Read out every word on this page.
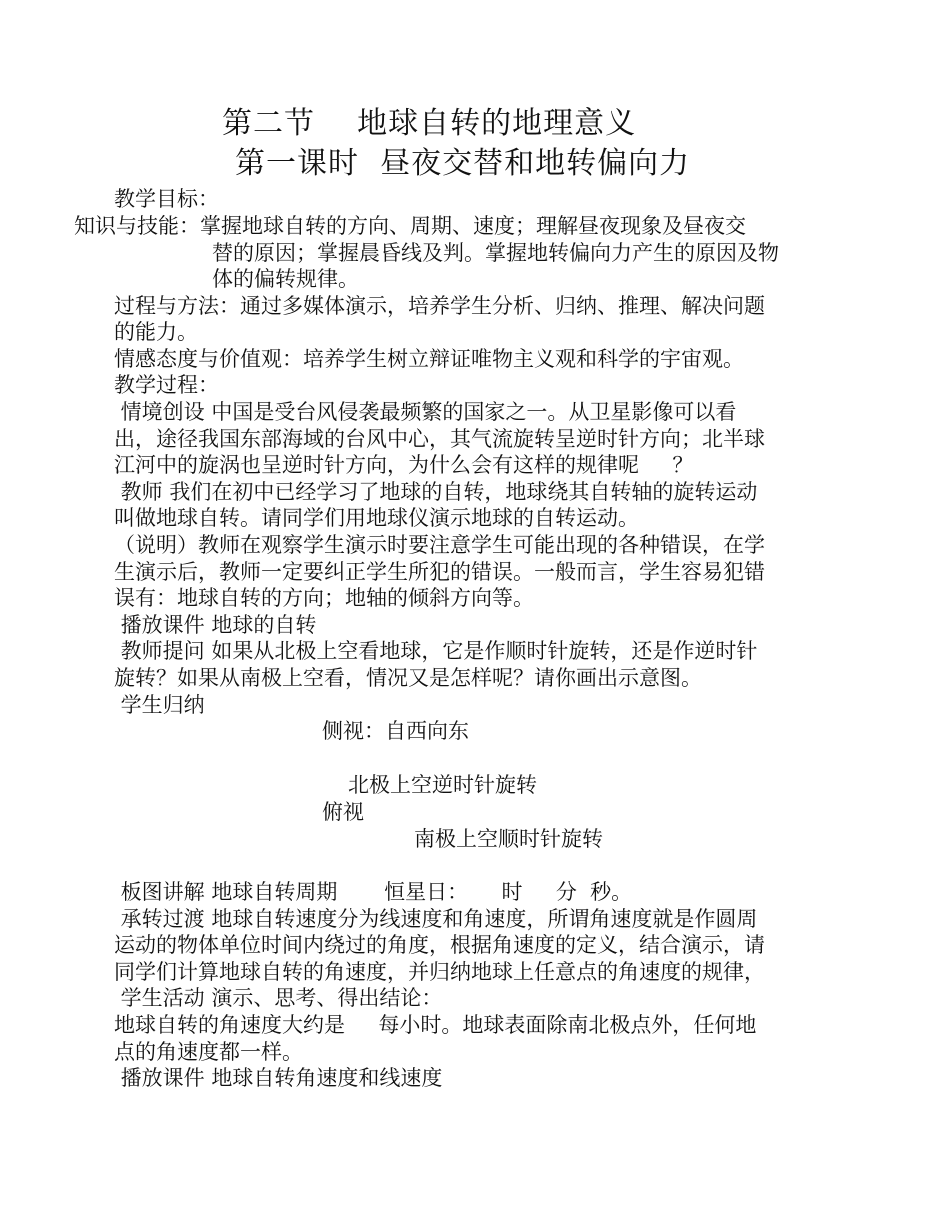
第二节    地球自转的地理意义
第一课时  昼夜交替和地转偏向力
教学目标：
知识与技能：掌握地球自转的方向、周期、速度；理解昼夜现象及昼夜交
替的原因；掌握晨昏线及判。掌握地转偏向力产生的原因及物
体的偏转规律。
过程与方法：通过多媒体演示，培养学生分析、归纳、推理、解决问题
的能力。
情感态度与价值观：培养学生树立辩证唯物主义观和科学的宇宙观。
教学过程：
情境创设 中国是受台风侵袭最频繁的国家之一。从卫星影像可以看
出，途径我国东部海域的台风中心，其气流旋转呈逆时针方向；北半球
江河中的旋涡也呈逆时针方向，为什么会有这样的规律呢     ？
教师 我们在初中已经学习了地球的自转，地球绕其自转轴的旋转运动
叫做地球自转。请同学们用地球仪演示地球的自转运动。
（说明）教师在观察学生演示时要注意学生可能出现的各种错误，在学
生演示后，教师一定要纠正学生所犯的错误。一般而言，学生容易犯错
误有：地球自转的方向；地轴的倾斜方向等。
播放课件 地球的自转
教师提问 如果从北极上空看地球，它是作顺时针旋转，还是作逆时针
旋转？如果从南极上空看，情况又是怎样呢？请你画出示意图。
学生归纳
侧视：自西向东
北极上空逆时针旋转
俯视
南极上空顺时针旋转
板图讲解 地球自转周期       恒星日：     时     分  秒。
承转过渡 地球自转速度分为线速度和角速度，所谓角速度就是作圆周
运动的物体单位时间内绕过的角度，根据角速度的定义，结合演示，请
同学们计算地球自转的角速度，并归纳地球上任意点的角速度的规律，
学生活动 演示、思考、得出结论：
地球自转的角速度大约是     每小时。地球表面除南北极点外，任何地
点的角速度都一样。
播放课件 地球自转角速度和线速度
